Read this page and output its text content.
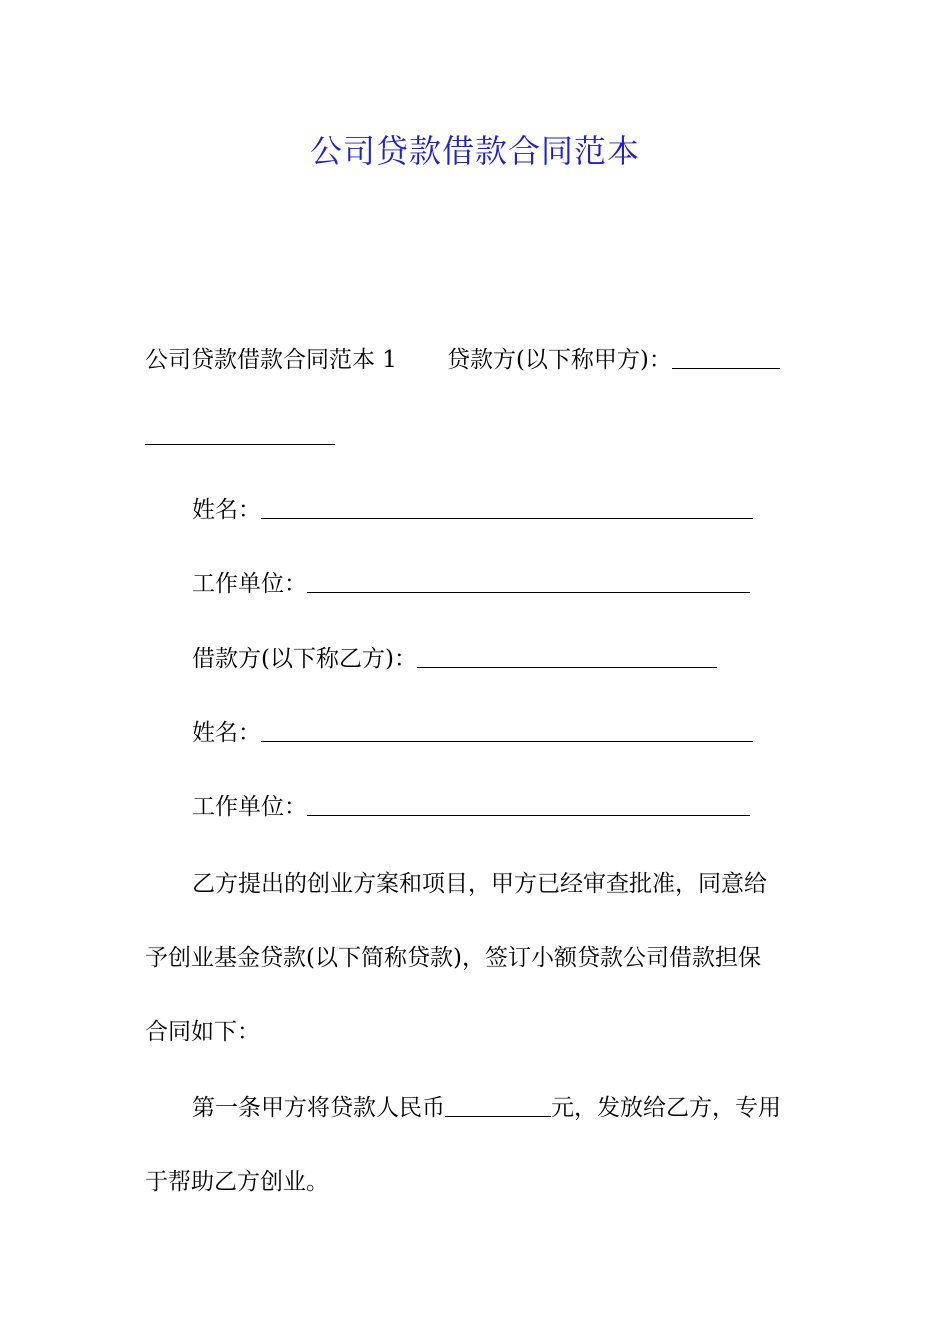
公司贷款借款合同范本
公司贷款借款合同范本 1 贷款方(以下称甲方)：
姓名：
工作单位：
借款方(以下称乙方)：
姓名：
工作单位：
乙方提出的创业方案和项目，甲方已经审查批准，同意给
予创业基金贷款(以下简称贷款)，签订小额贷款公司借款担保
合同如下：
第一条甲方将贷款人民币	元，发放给乙方，专用
于帮助乙方创业。
